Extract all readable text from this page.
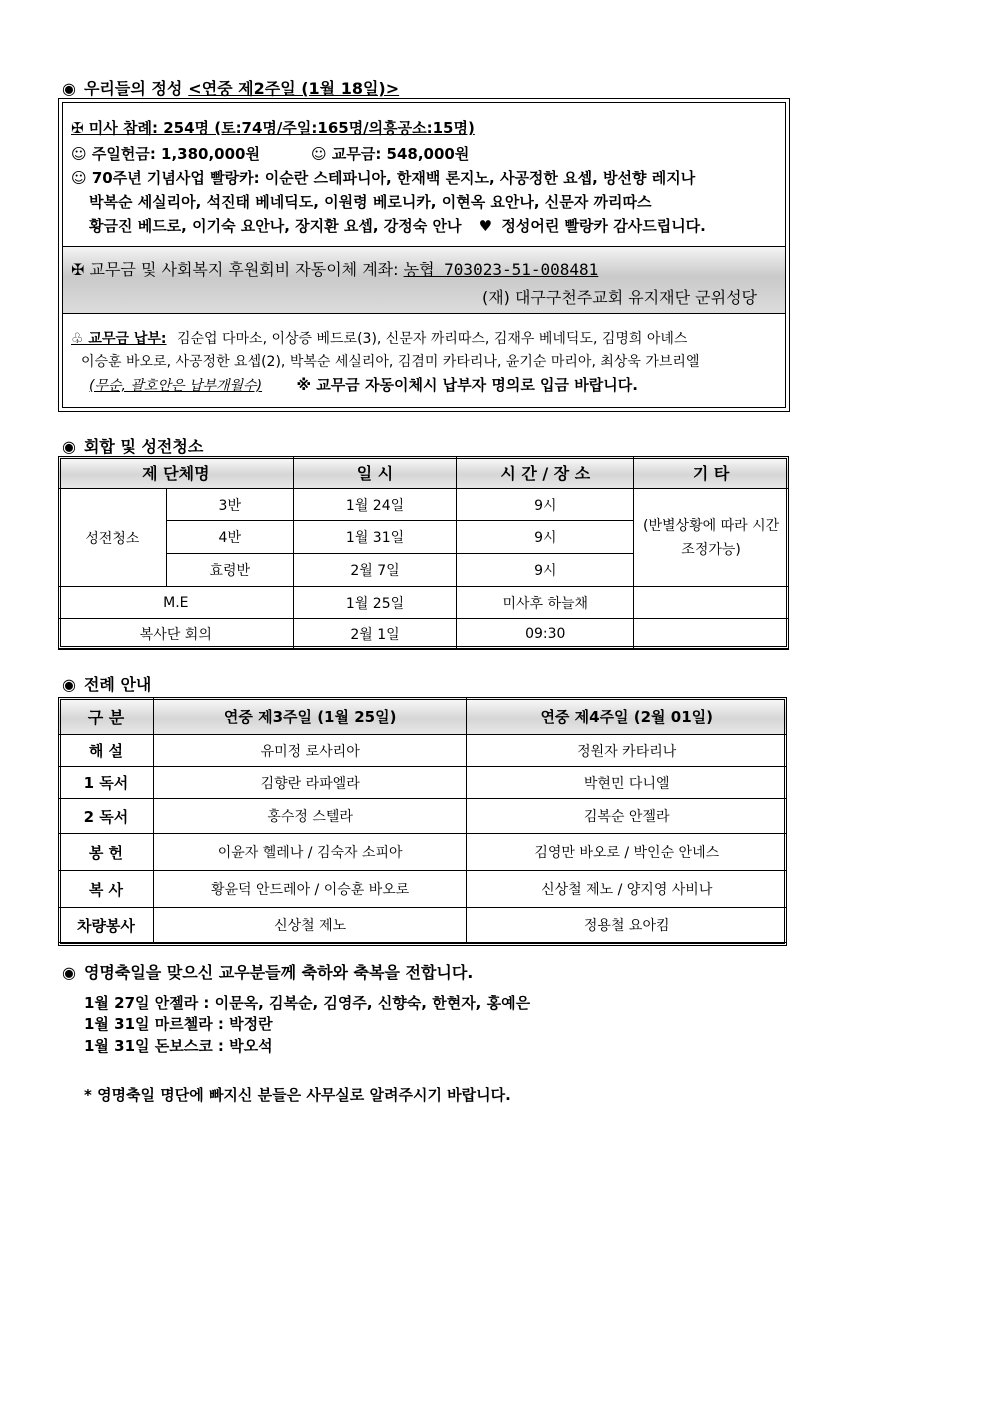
◉ 우리들의 정성 <연중 제2주일 (1월 18일)>
✠ 미사 참례: 254명 (토:74명/주일:165명/의흥공소:15명)
☺ 주일헌금: 1,380,000원	☺ 교무금: 548,000원
☺ 70주년 기념사업 빨랑카: 이순란 스테파니아, 한재백 론지노, 사공정한 요셉, 방선향 레지나
박복순 세실리아, 석진태 베네딕도, 이원령 베로니카, 이현옥 요안나, 신문자 까리따스
황금진 베드로, 이기숙 요안나, 장지환 요셉, 강정숙 안나 ♥ 정성어린 빨랑카 감사드립니다.
✠ 교무금 및 사회복지 후원회비 자동이체 계좌: 농협 703023-51-008481
(재) 대구구천주교회 유지재단 군위성당
♧ 교무금 납부: 김순업 다마소, 이상증 베드로(3), 신문자 까리따스, 김재우 베네딕도, 김명희 아녜스
이승훈 바오로, 사공정한 요셉(2), 박복순 세실리아, 김겸미 카타리나, 윤기순 마리아, 최상욱 가브리엘
(무순, 괄호안은 납부개월수) ※ 교무금 자동이체시 납부자 명의로 입금 바랍니다.
◉ 회합 및 성전청소
제 단체명		일 시	시 간 / 장 소	기 타
성전청소	3반	1월 24일	9시	(반별상황에 따라 시간조정가능)
	4반	1월 31일	9시	
	효령반	2월 7일	9시	
M.E		1월 25일	미사후 하늘채	
복사단 회의		2월 1일	09:30	
◉ 전례 안내
구 분	연중 제3주일 (1월 25일)	연중 제4주일 (2월 01일)
해 설	유미정 로사리아	정원자 카타리나
1 독서	김향란 라파엘라	박현민 다니엘
2 독서	홍수정 스텔라	김복순 안젤라
봉 헌	이윤자 헬레나 / 김숙자 소피아	김영만 바오로 / 박인순 안네스
복 사	황윤덕 안드레아 / 이승훈 바오로	신상철 제노 / 양지영 사비나
차량봉사	신상철 제노	정용철 요아킴
◉ 영명축일을 맞으신 교우분들께 축하와 축복을 전합니다.
1월 27일 안젤라 : 이문옥, 김복순, 김영주, 신향숙, 한현자, 홍예은
1월 31일 마르첼라 : 박정란
1월 31일 돈보스코 : 박오석
* 영명축일 명단에 빠지신 분들은 사무실로 알려주시기 바랍니다.
